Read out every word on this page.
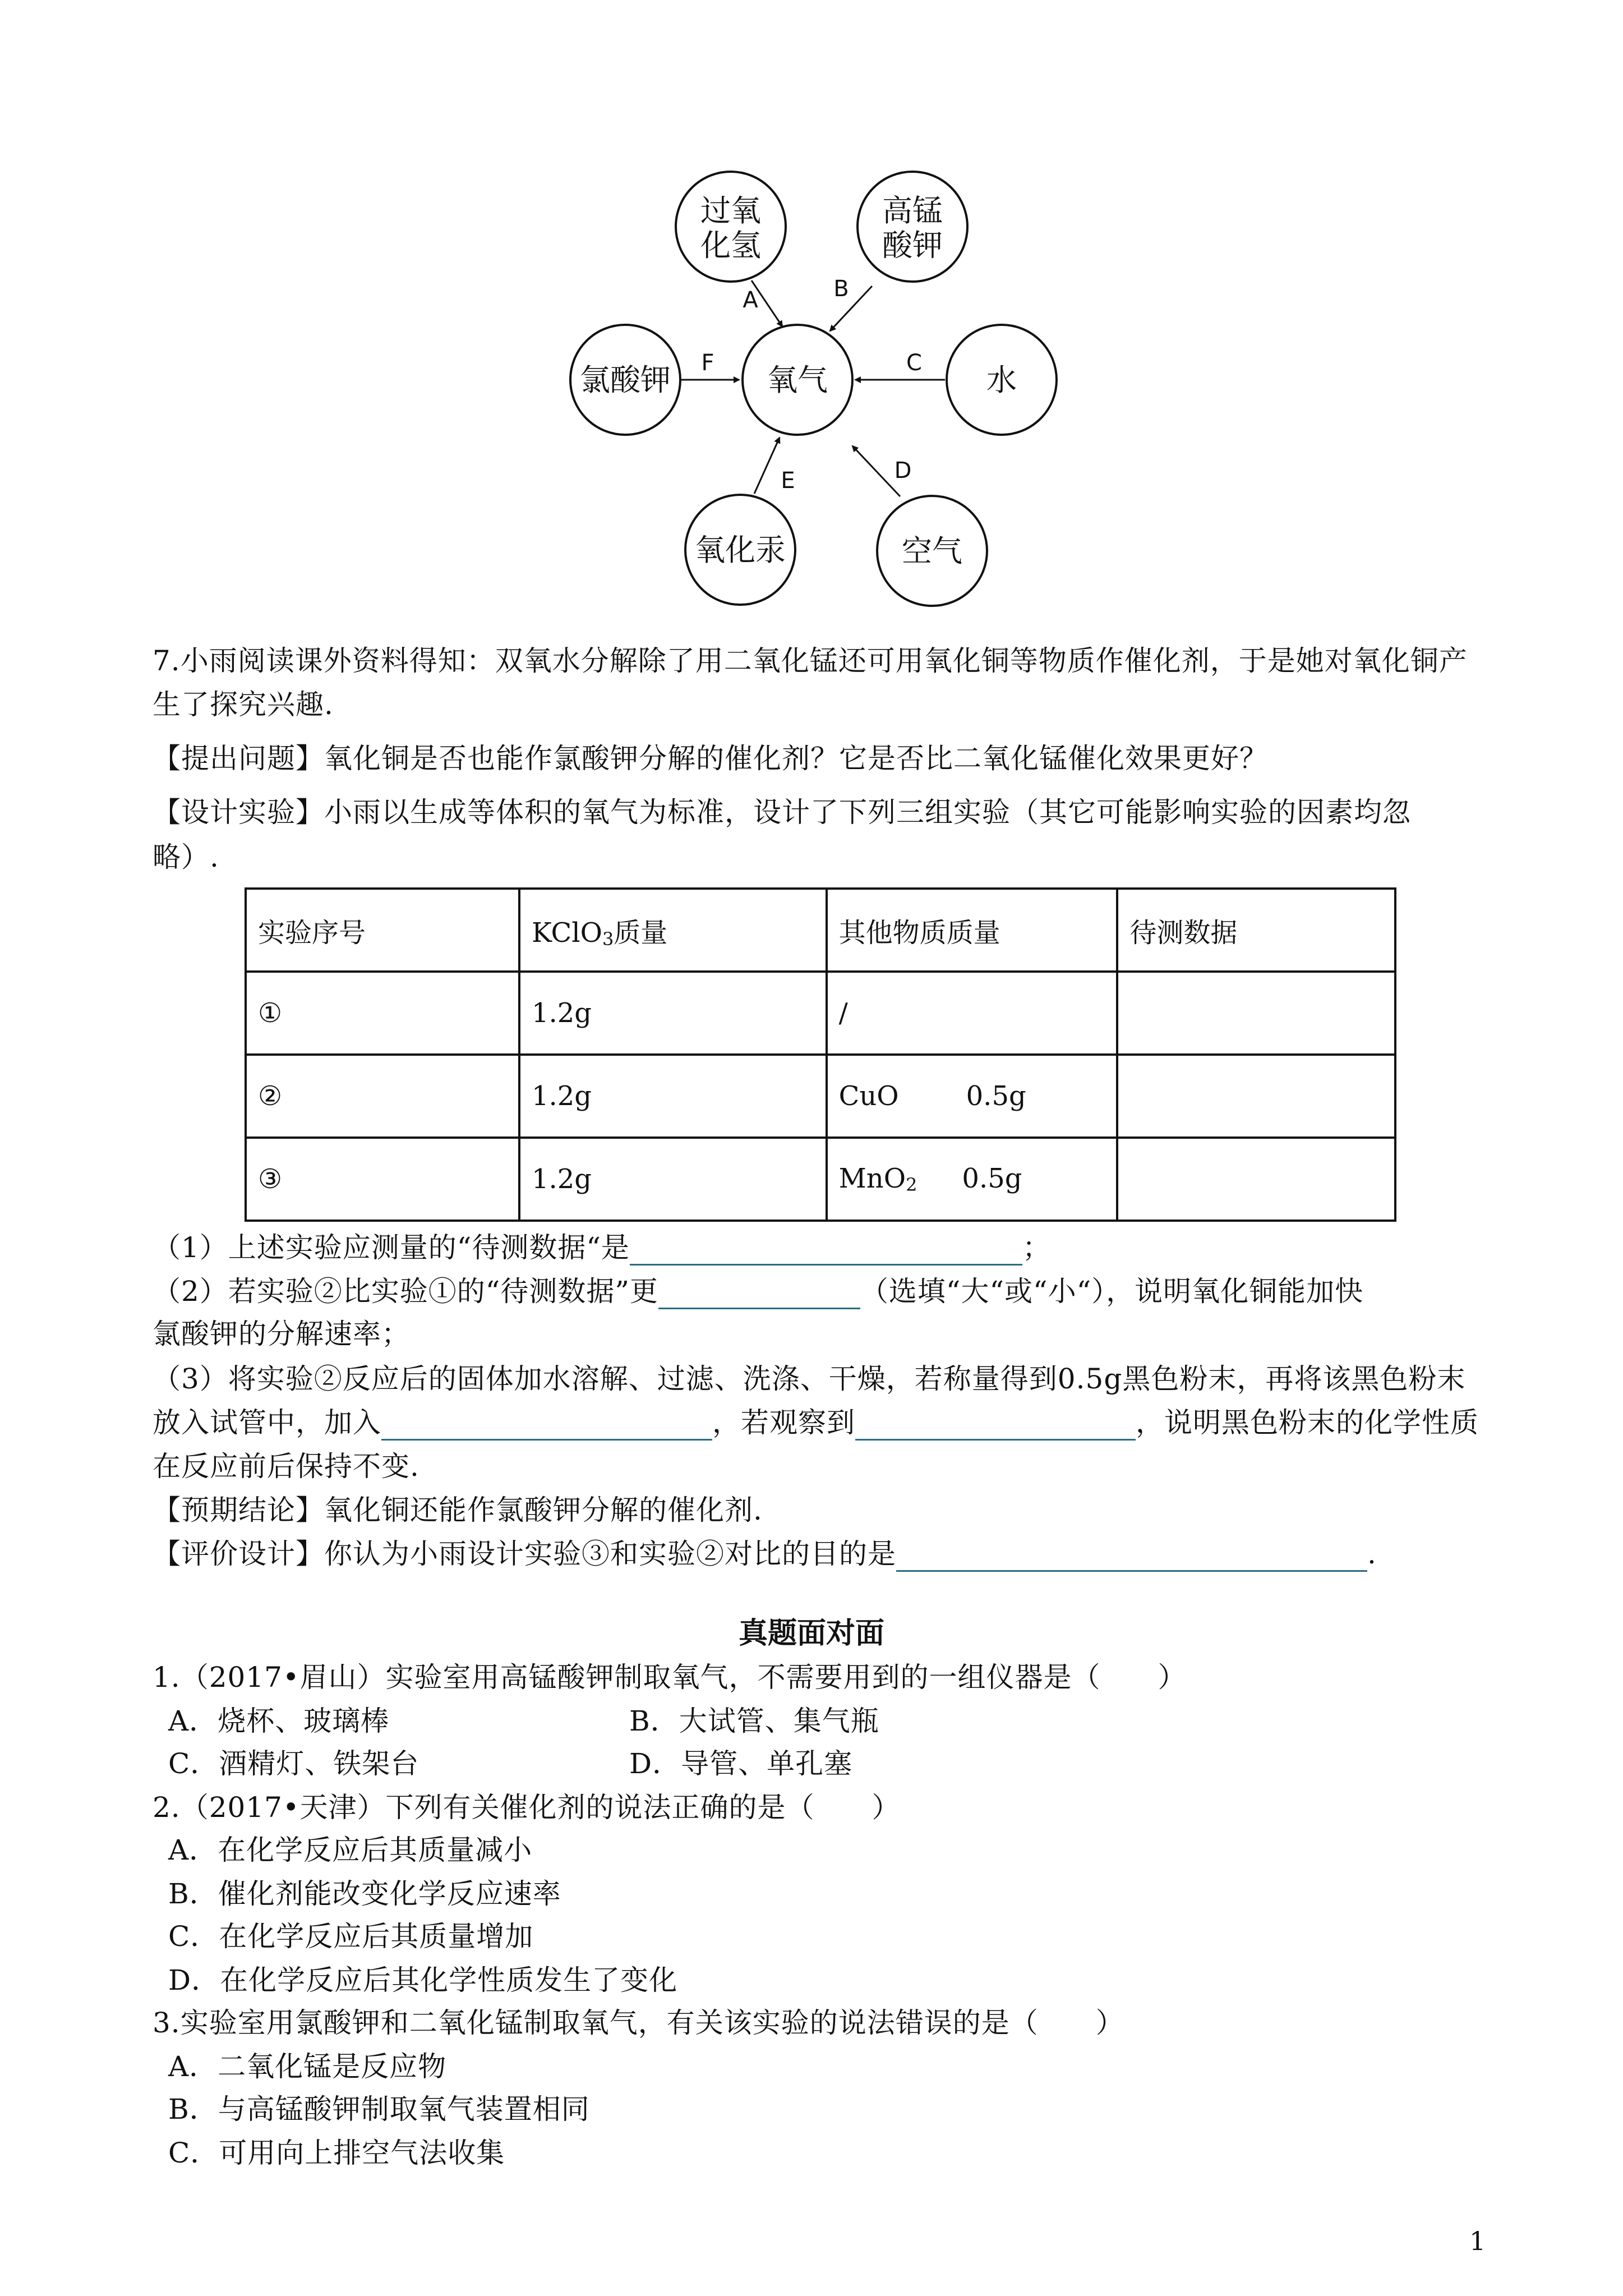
氧气
过氧
化氢
高锰
酸钾
氯酸钾	水
氧化汞	空气
A	B
C
D
E
F
7.小雨阅读课外资料得知：双氧水分解除了用二氧化锰还可用氧化铜等物质作催化剂，于是她对氧化铜产
生了探究兴趣.
【提出问题】氧化铜是否也能作氯酸钾分解的催化剂？它是否比二氧化锰催化效果更好？
【设计实验】小雨以生成等体积的氧气为标准，设计了下列三组实验（其它可能影响实验的因素均忽
略）.
实验序号	KClO$_3$质量	其他物质质量	待测数据
①	1.2g	/	
②	1.2g	CuO 0.5g	
③	1.2g	MnO$_2$ 0.5g	
（1）上述实验应测量的“待测数据“是	；
（2）若实验②比实验①的“待测数据”更	（选填“大“或“小“），说明氧化铜能加快
氯酸钾的分解速率；
（3）将实验②反应后的固体加水溶解、过滤、洗涤、干燥，若称量得到0.5g黑色粉末，再将该黑色粉末
放入试管中，加入	，若观察到	，说明黑色粉末的化学性质
在反应前后保持不变.
【预期结论】氧化铜还能作氯酸钾分解的催化剂.
【评价设计】你认为小雨设计实验③和实验②对比的目的是	.
真题面对面
1.（2017•眉山）实验室用高锰酸钾制取氧气，不需要用到的一组仪器是（　　）
A．烧杯、玻璃棒	B．大试管、集气瓶
C．酒精灯、铁架台	D．导管、单孔塞
2.（2017•天津）下列有关催化剂的说法正确的是（　　）
A．在化学反应后其质量减小
B．催化剂能改变化学反应速率
C．在化学反应后其质量增加
D．在化学反应后其化学性质发生了变化
3.实验室用氯酸钾和二氧化锰制取氧气，有关该实验的说法错误的是（　　）
A．二氧化锰是反应物
B．与高锰酸钾制取氧气装置相同
C．可用向上排空气法收集
1
